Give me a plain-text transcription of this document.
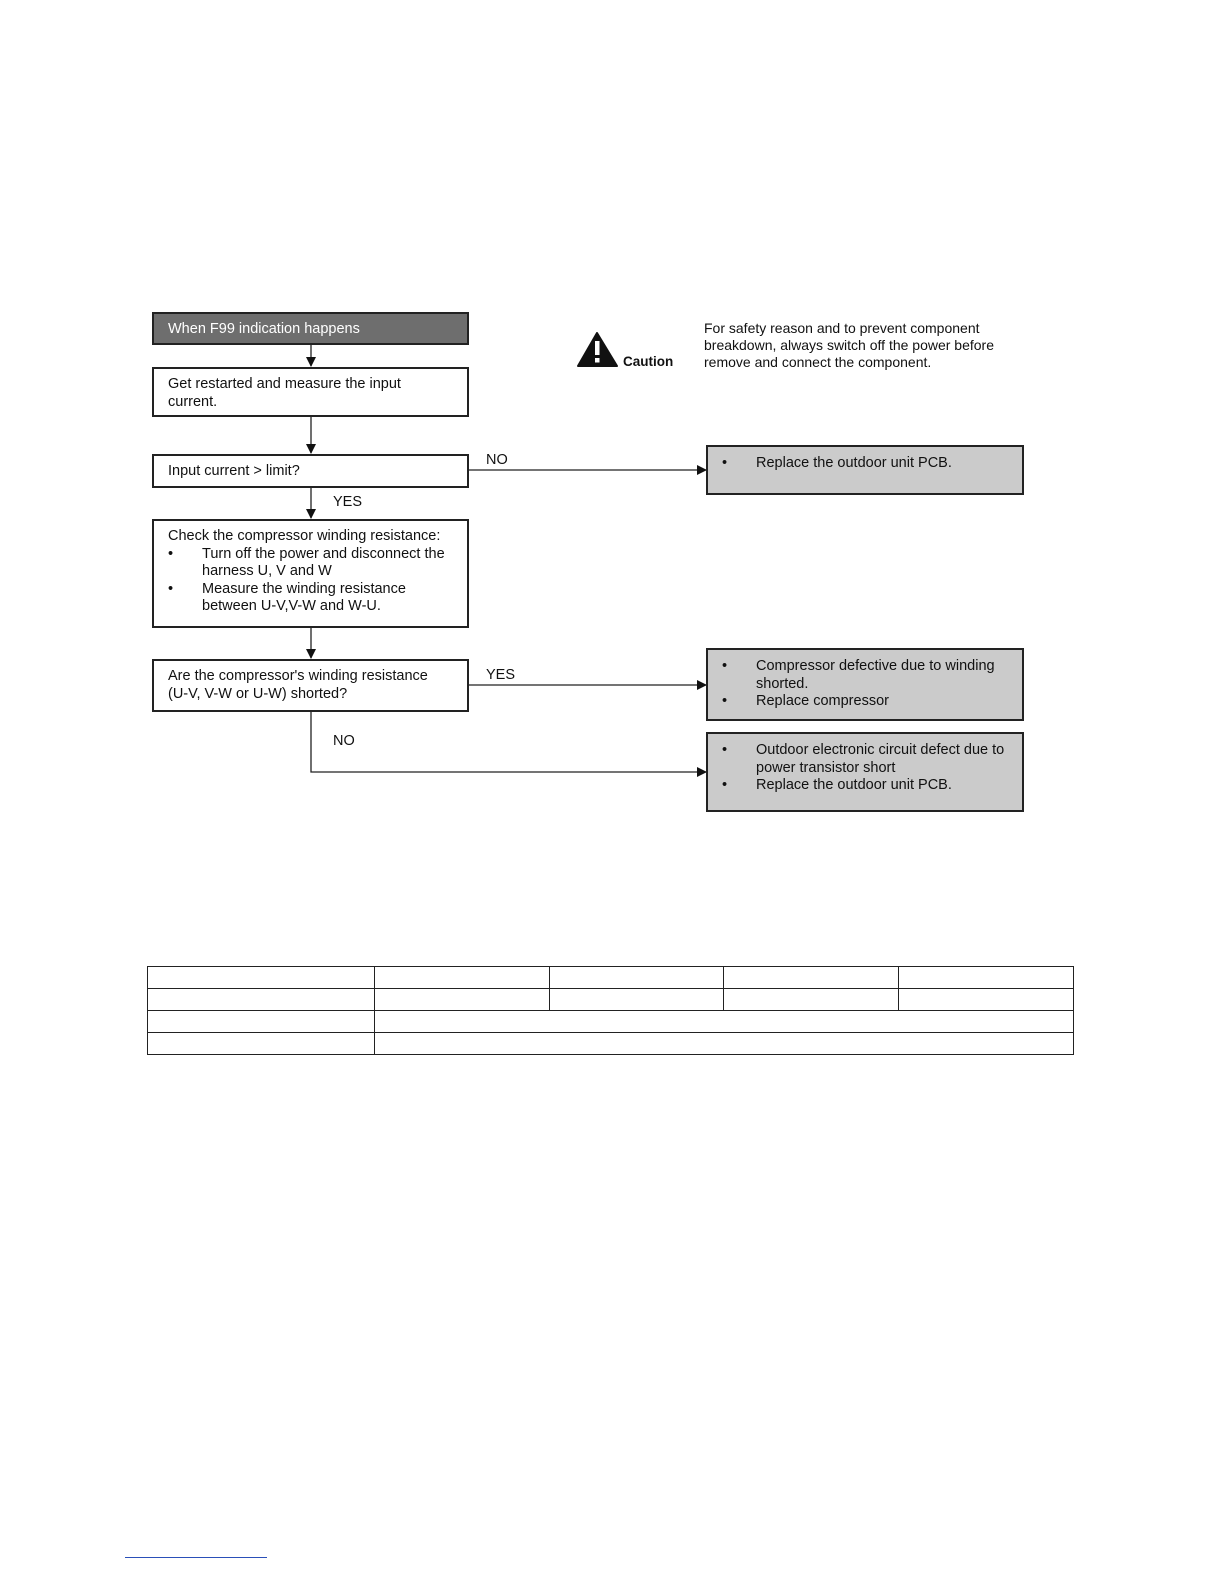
When F99 indication happens
Get restarted and measure the input
current.
Input current > limit?
NO
YES
Check the compressor winding resistance:
• Turn off the power and disconnect the harness U, V and W
• Measure the winding resistance between U-V,V-W and W-U.
Are the compressor's winding resistance
(U-V, V-W or U-W) shorted?
YES
NO
• Replace the outdoor unit PCB.
• Compressor defective due to winding shorted.
• Replace compressor
• Outdoor electronic circuit defect due to power transistor short
• Replace the outdoor unit PCB.
Caution
For safety reason and to prevent component breakdown, always switch off the power before remove and connect the component.
